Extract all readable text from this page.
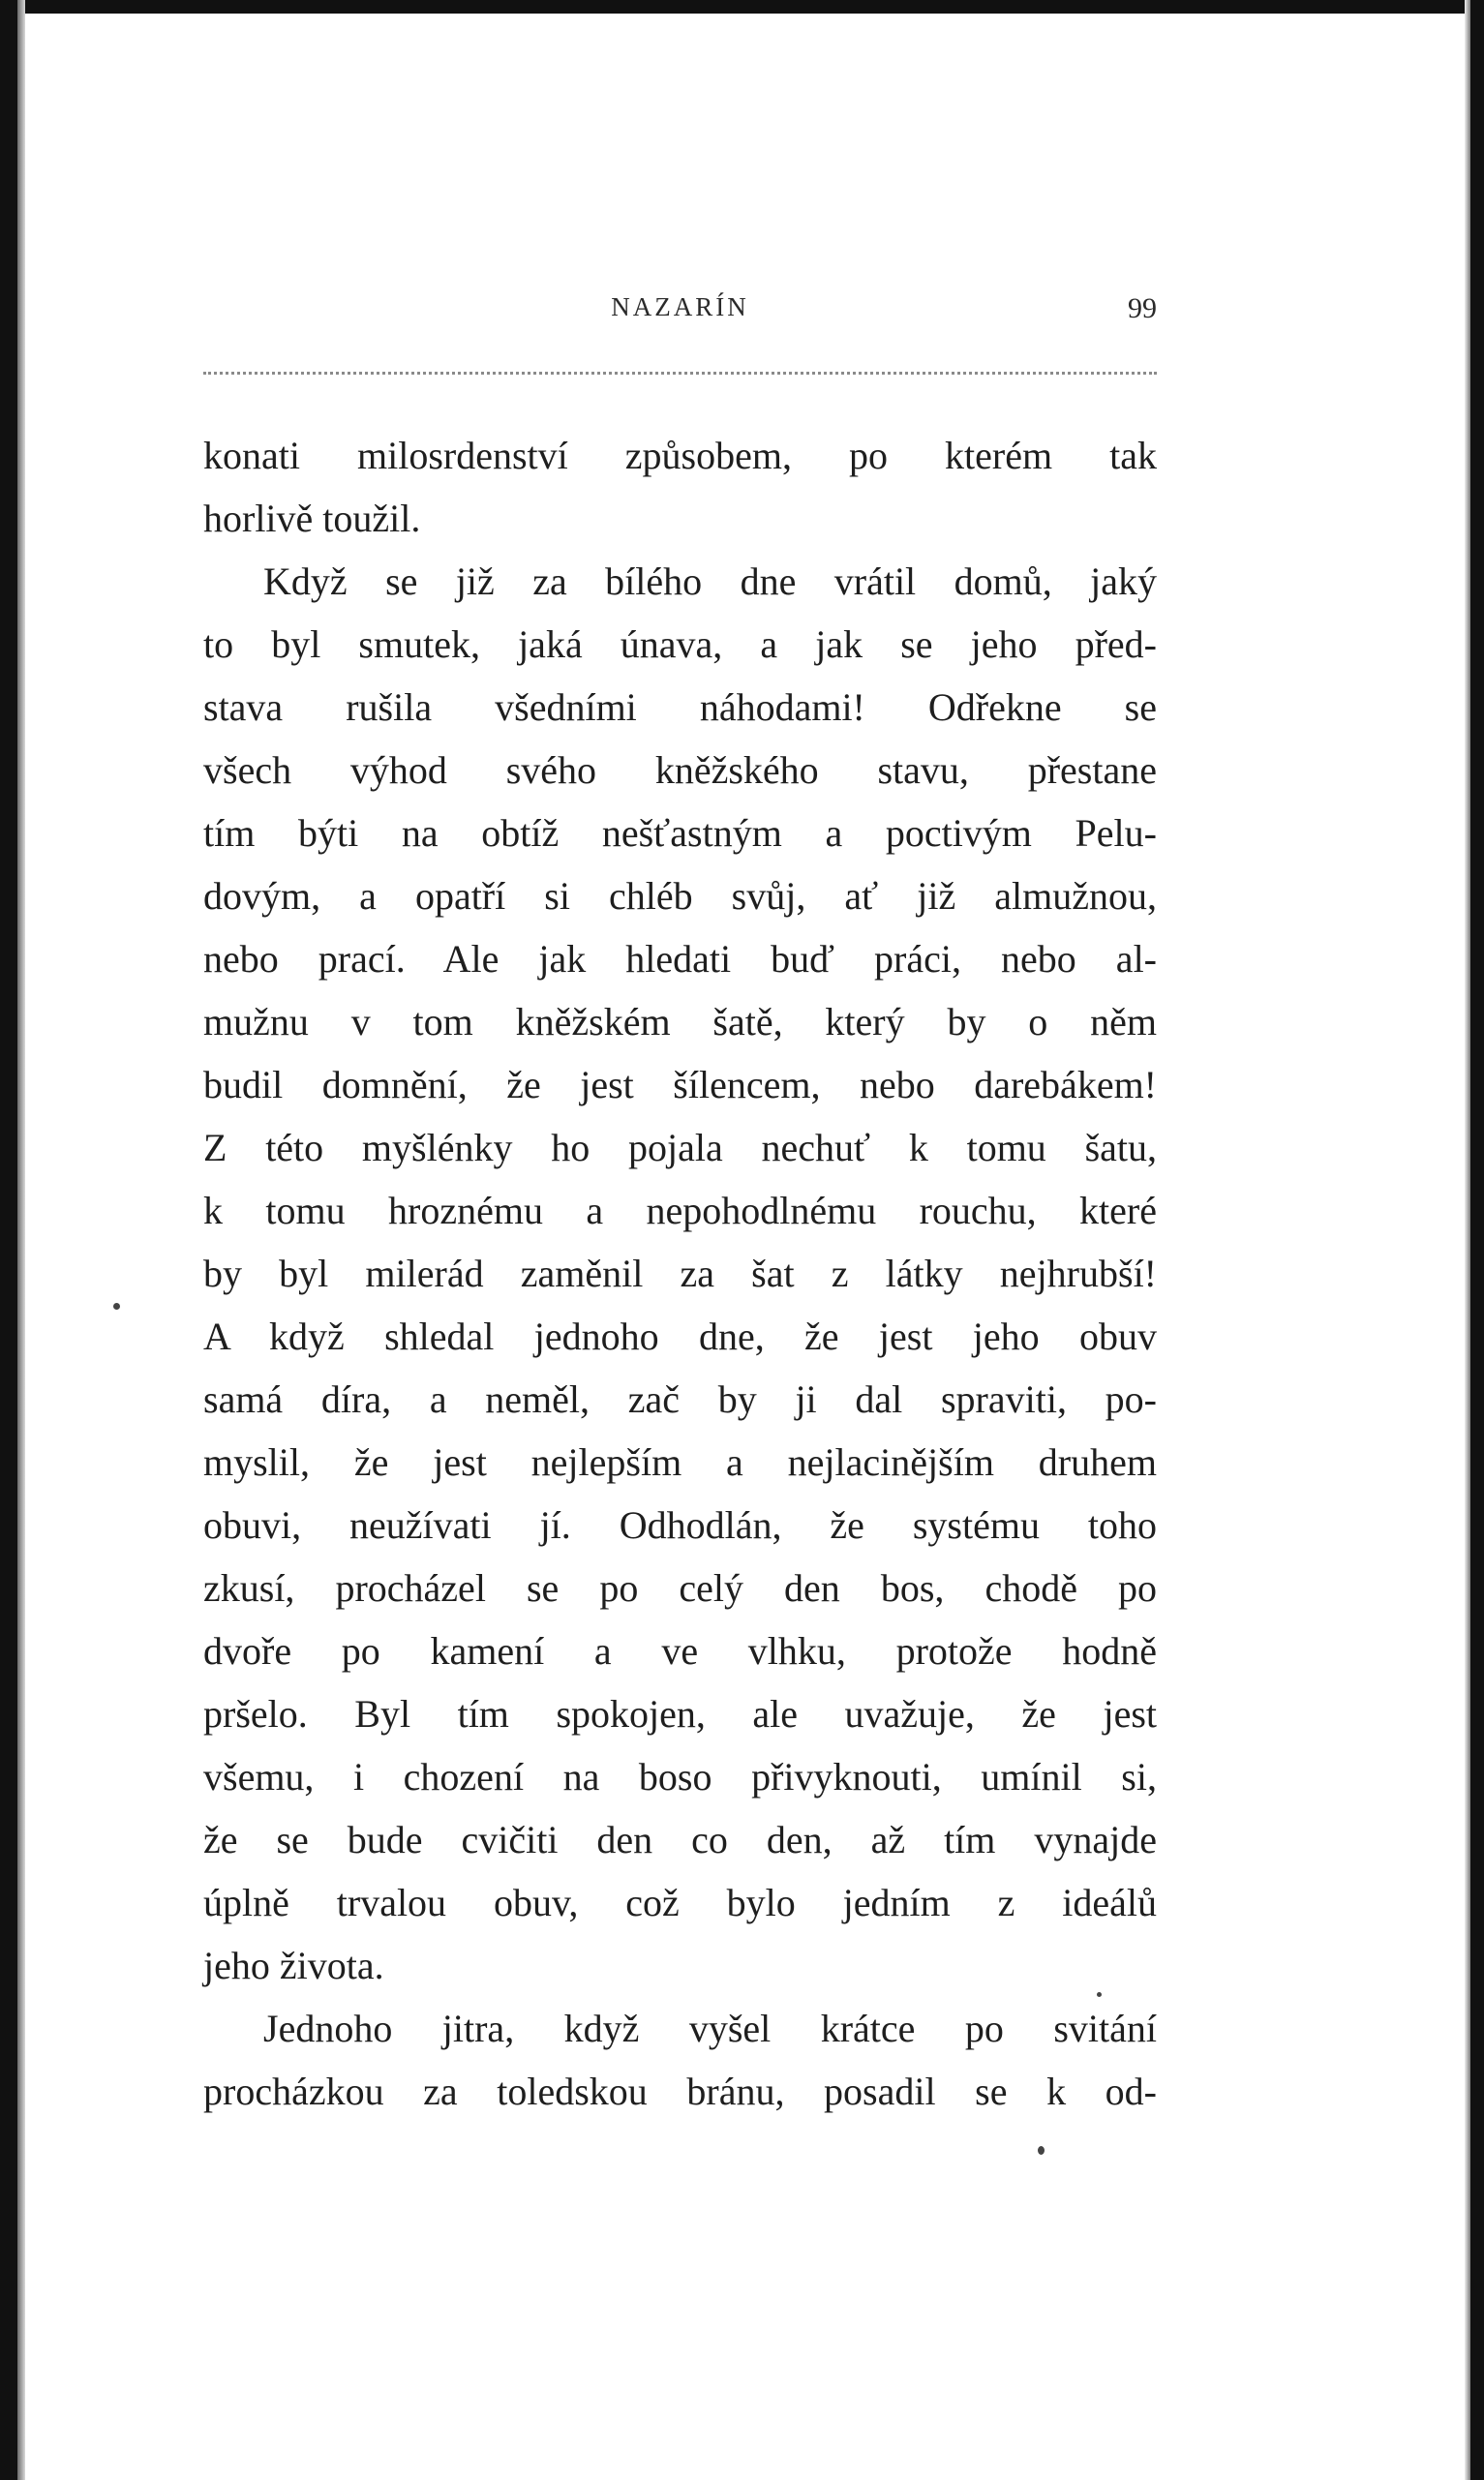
NAZARÍN	99
konati milosrdenství způsobem, po kterém tak
horlivě toužil.
Když se již za bílého dne vrátil domů, jaký
to byl smutek, jaká únava, a jak se jeho před-
stava rušila všedními náhodami! Odřekne se
všech výhod svého kněžského stavu, přestane
tím býti na obtíž nešťastným a poctivým Pelu-
dovým, a opatří si chléb svůj, ať již almužnou,
nebo prací. Ale jak hledati buď práci, nebo al-
mužnu v tom kněžském šatě, který by o něm
budil domnění, že jest šílencem, nebo darebákem!
Z této myšlénky ho pojala nechuť k tomu šatu,
k tomu hroznému a nepohodlnému rouchu, které
by byl milerád zaměnil za šat z látky nejhrubší!
A když shledal jednoho dne, že jest jeho obuv
samá díra, a neměl, zač by ji dal spraviti, po-
myslil, že jest nejlepším a nejlacinějším druhem
obuvi, neužívati jí. Odhodlán, že systému toho
zkusí, procházel se po celý den bos, chodě po
dvoře po kamení a ve vlhku, protože hodně
pršelo. Byl tím spokojen, ale uvažuje, že jest
všemu, i chození na boso přivyknouti, umínil si,
že se bude cvičiti den co den, až tím vynajde
úplně trvalou obuv, což bylo jedním z ideálů
jeho života.
Jednoho jitra, když vyšel krátce po svitání
procházkou za toledskou bránu, posadil se k od-
